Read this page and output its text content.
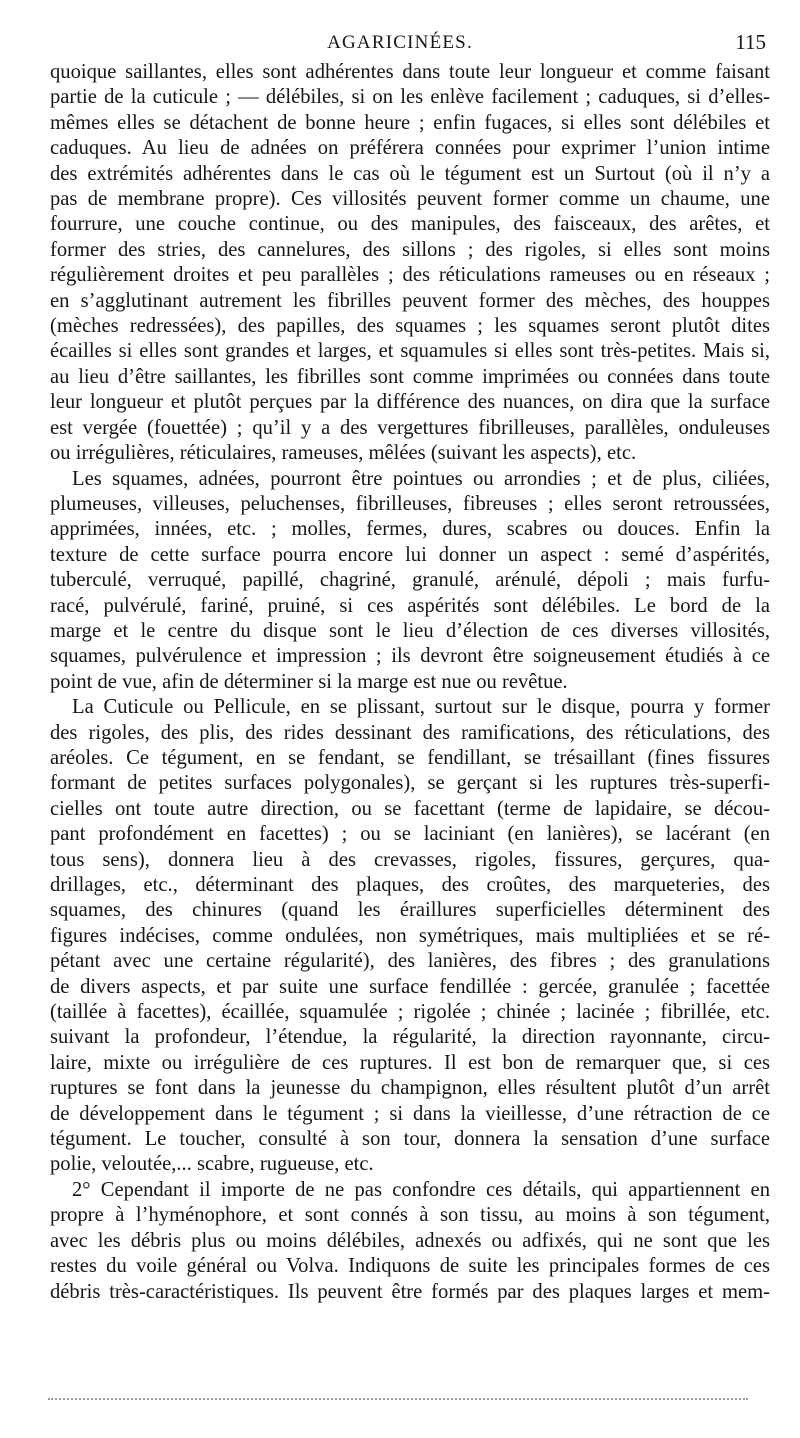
AGARICINÉES.	115
quoique saillantes, elles sont adhérentes dans toute leur longueur et comme faisant
partie de la cuticule ; — délébiles, si on les enlève facilement ; caduques, si d’elles-
mêmes elles se détachent de bonne heure ; enfin fugaces, si elles sont délébiles et
caduques. Au lieu de adnées on préférera connées pour exprimer l’union intime
des extrémités adhérentes dans le cas où le tégument est un Surtout (où il n’y a
pas de membrane propre). Ces villosités peuvent former comme un chaume, une
fourrure, une couche continue, ou des manipules, des faisceaux, des arêtes, et
former des stries, des cannelures, des sillons ; des rigoles, si elles sont moins
régulièrement droites et peu parallèles ; des réticulations rameuses ou en réseaux ;
en s’agglutinant autrement les fibrilles peuvent former des mèches, des houppes
(mèches redressées), des papilles, des squames ; les squames seront plutôt dites
écailles si elles sont grandes et larges, et squamules si elles sont très-petites. Mais si,
au lieu d’être saillantes, les fibrilles sont comme imprimées ou connées dans toute
leur longueur et plutôt perçues par la différence des nuances, on dira que la surface
est vergée (fouettée) ; qu’il y a des vergettures fibrilleuses, parallèles, onduleuses
ou irrégulières, réticulaires, rameuses, mêlées (suivant les aspects), etc.
Les squames, adnées, pourront être pointues ou arrondies ; et de plus, ciliées,
plumeuses, villeuses, peluchenses, fibrilleuses, fibreuses ; elles seront retroussées,
apprimées, innées, etc. ; molles, fermes, dures, scabres ou douces. Enfin la
texture de cette surface pourra encore lui donner un aspect : semé d’aspérités,
tuberculé, verruqué, papillé, chagriné, granulé, arénulé, dépoli ; mais furfu-
racé, pulvérulé, fariné, pruiné, si ces aspérités sont délébiles. Le bord de la
marge et le centre du disque sont le lieu d’élection de ces diverses villosités,
squames, pulvérulence et impression ; ils devront être soigneusement étudiés à ce
point de vue, afin de déterminer si la marge est nue ou revêtue.
La Cuticule ou Pellicule, en se plissant, surtout sur le disque, pourra y former
des rigoles, des plis, des rides dessinant des ramifications, des réticulations, des
aréoles. Ce tégument, en se fendant, se fendillant, se trésaillant (fines fissures
formant de petites surfaces polygonales), se gerçant si les ruptures très-superfi-
cielles ont toute autre direction, ou se facettant (terme de lapidaire, se décou-
pant profondément en facettes) ; ou se laciniant (en lanières), se lacérant (en
tous sens), donnera lieu à des crevasses, rigoles, fissures, gerçures, qua-
drillages, etc., déterminant des plaques, des croûtes, des marqueteries, des
squames, des chinures (quand les éraillures superficielles déterminent des
figures indécises, comme ondulées, non symétriques, mais multipliées et se ré-
pétant avec une certaine régularité), des lanières, des fibres ; des granulations
de divers aspects, et par suite une surface fendillée : gercée, granulée ; facettée
(taillée à facettes), écaillée, squamulée ; rigolée ; chinée ; lacinée ; fibrillée, etc.
suivant la profondeur, l’étendue, la régularité, la direction rayonnante, circu-
laire, mixte ou irrégulière de ces ruptures. Il est bon de remarquer que, si ces
ruptures se font dans la jeunesse du champignon, elles résultent plutôt d’un arrêt
de développement dans le tégument ; si dans la vieillesse, d’une rétraction de ce
tégument. Le toucher, consulté à son tour, donnera la sensation d’une surface
polie, veloutée,... scabre, rugueuse, etc.
2° Cependant il importe de ne pas confondre ces détails, qui appartiennent en
propre à l’hyménophore, et sont connés à son tissu, au moins à son tégument,
avec les débris plus ou moins délébiles, adnexés ou adfixés, qui ne sont que les
restes du voile général ou Volva. Indiquons de suite les principales formes de ces
débris très-caractéristiques. Ils peuvent être formés par des plaques larges et mem-
